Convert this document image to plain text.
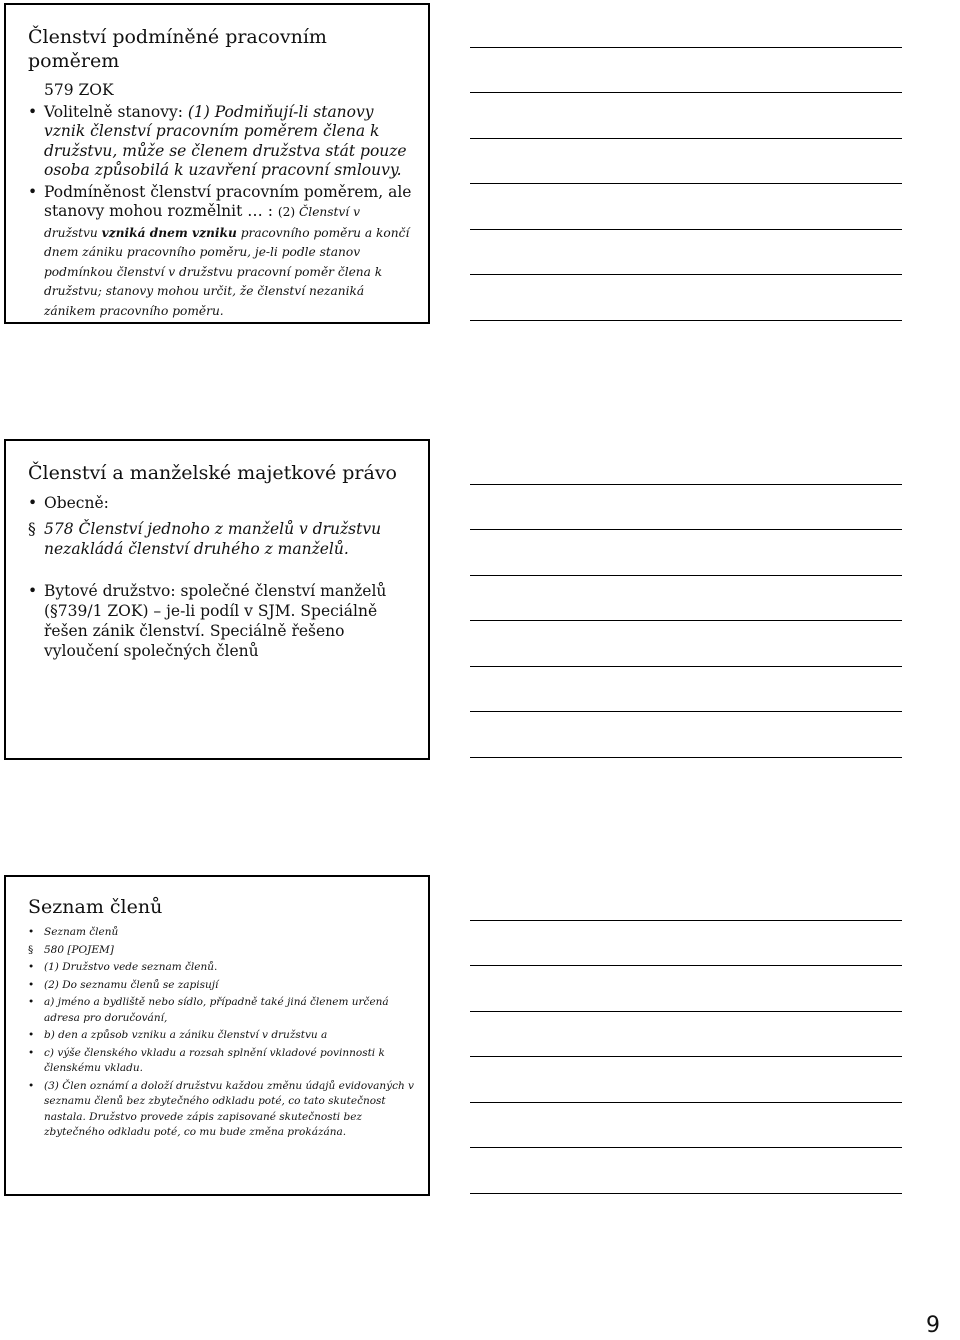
Členství podmíněné pracovním poměrem
579 ZOK
• Volitelně stanovy: (1) Podmiňují-li stanovy vznik členství pracovním poměrem člena k družstvu, může se členem družstva stát pouze osoba způsobilá k uzavření pracovní smlouvy.
• Podmíněnost členství pracovním poměrem, ale stanovy mohou rozmělnit … : (2) Členství v družstvu vzniká dnem vzniku pracovního poměru a končí dnem zániku pracovního poměru, je-li podle stanov podmínkou členství v družstvu pracovní poměr člena k družstvu; stanovy mohou určit, že členství nezaniká zánikem pracovního poměru.
Členství a manželské majetkové právo
• Obecně:
§ 578 Členství jednoho z manželů v družstvu nezakládá členství druhého z manželů.
• Bytové družstvo: společné členství manželů (§739/1 ZOK) – je-li podíl v SJM. Speciálně řešen zánik členství. Speciálně řešeno vyloučení společných členů
Seznam členů
• Seznam členů
§ 580 [POJEM]
• (1) Družstvo vede seznam členů.
• (2) Do seznamu členů se zapisují
• a) jméno a bydliště nebo sídlo, případně také jiná členem určená adresa pro doručování,
• b) den a způsob vzniku a zániku členství v družstvu a
• c) výše členského vkladu a rozsah splnění vkladové povinnosti k členskému vkladu.
• (3) Člen oznámí a doloží družstvu každou změnu údajů evidovaných v seznamu členů bez zbytečného odkladu poté, co tato skutečnost nastala. Družstvo provede zápis zapisované skutečnosti bez zbytečného odkladu poté, co mu bude změna prokázána.
9
